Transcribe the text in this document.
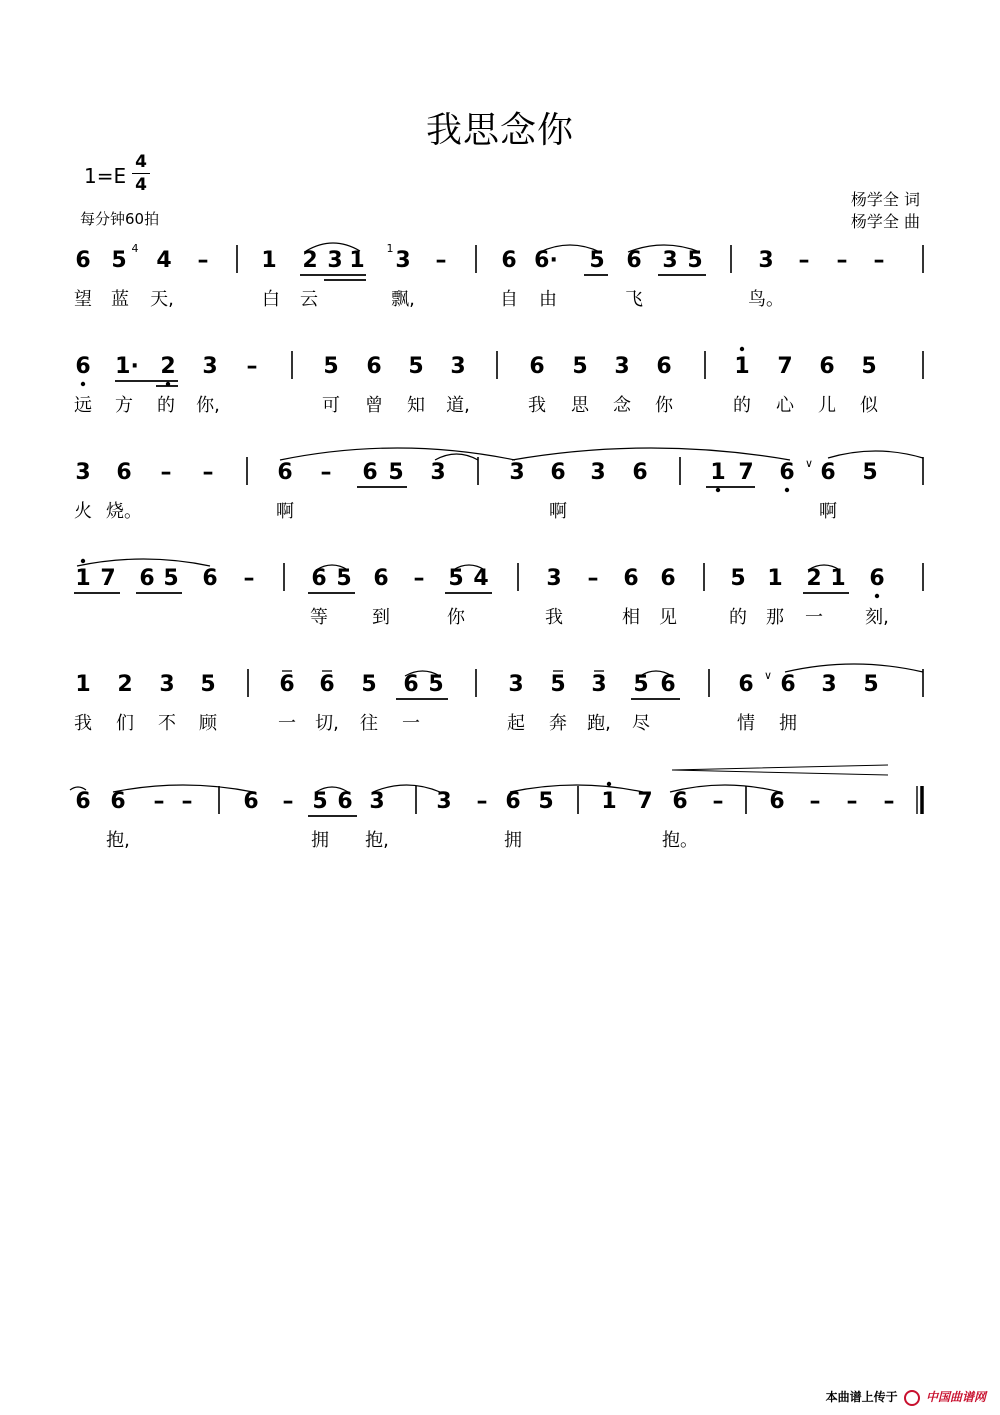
我思念你
1=E
4
4
每分钟60拍
杨学全 词
杨学全 曲
6 5 4 – 1 2 3 1 3 – 6 6· 5 6 3 5	3 – – –
望 蓝 天,	白 云	飘,	自 由	飞	鸟。
6 1· 2 3 –	5 6 5 3	6 5 3 6	1 7 6 5
远 方 的 你,	可 曾 知 道,	我 思 念 你	的 心 儿 似
3 6 – –	6 – 6 5 3	3 6 3 6	1 7 6 6 5
火 烧。	啊	啊	啊
1 7 6 5 6 –	6 5 6 – 5 4	3 – 6 6 5 1 2 1 6
等 到	你	我	相 见	的 那 一 刻,
1 2 3 5	6 6 5 6 5	3 5 3 5 6	6 6 3 5
我 们 不 顾	一 切, 往 一	起 奔 跑, 尽	情 拥
6 6 – – 6 – 5 6 3 3 – 6 5 1 7 6 – 6 – – –
抱,	拥 抱,	拥	抱。
4	1
∨
∨
本曲谱上传于 中国曲谱网
